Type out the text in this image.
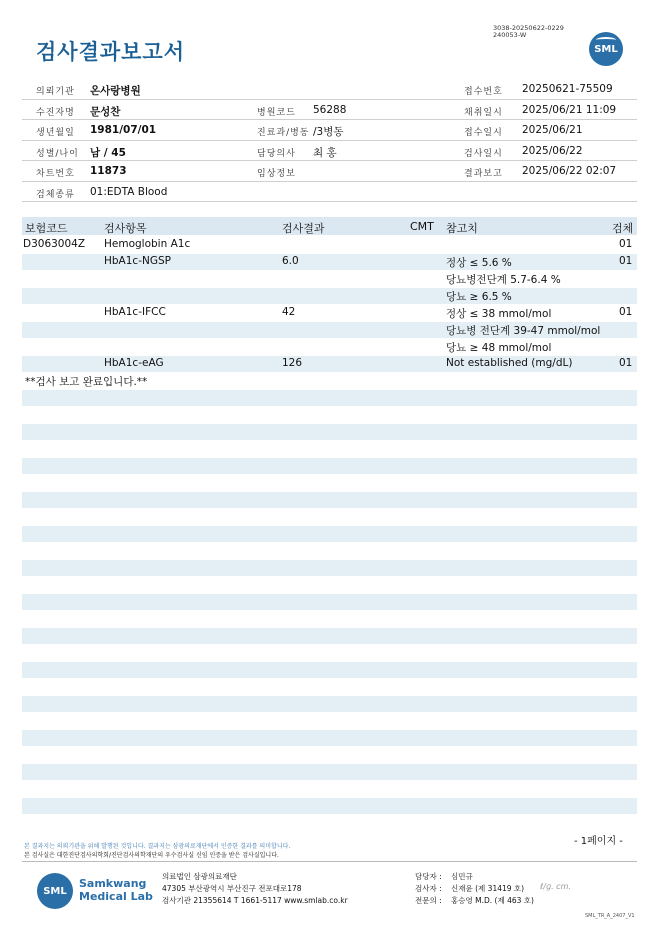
검사결과보고서
3038-20250622-0229
240053-W
SML
의뢰기관 온사랑병원	접수번호 20250621-75509
수진자명 문성찬	병원코드 56288	채취일시 2025/06/21 11:09
생년월일 1981/07/01	진료과/병동 /3병동	접수일시 2025/06/21
성별/나이 남 / 45	담당의사 최 홍	검사일시 2025/06/22
차트번호 11873	임상정보	결과보고 2025/06/22 02:07
검체종류 01:EDTA Blood
보험코드	검사항목	검사결과	CMT 참고치	검체
D3063004Z Hemoglobin A1c	01
HbA1c-NGSP	6.0	정상 ≤ 5.6 %	01
당뇨병전단계 5.7-6.4 %
당뇨 ≥ 6.5 %
HbA1c-IFCC	42	정상 ≤ 38 mmol/mol	01
당뇨병 전단계 39-47 mmol/mol
당뇨 ≥ 48 mmol/mol
HbA1c-eAG	126	Not established (mg/dL)	01
**검사 보고 완료입니다.**
- 1페이지 -
본 결과지는 의뢰기관을 위해 발행된 것입니다. 결과지는 삼광의료재단에서 인증한 결과를 의미합니다.
본 검사실은 대한진단검사의학회/진단검사의학재단의 우수검사실 신임 인증을 받은 검사실입니다.
SML
Samkwang
Medical Lab
의료법인 삼광의료재단
47305 부산광역시 부산진구 전포대로178
검사기관 21355614 T 1661-5117 www.smlab.co.kr
담당자 : 심민규
검사자 : 신재윤 (제 31419 호)
전문의 : 홍승영 M.D. (제 463 호)
ℓ/ɡ. cm.
SML_TR_A_2407_V1
